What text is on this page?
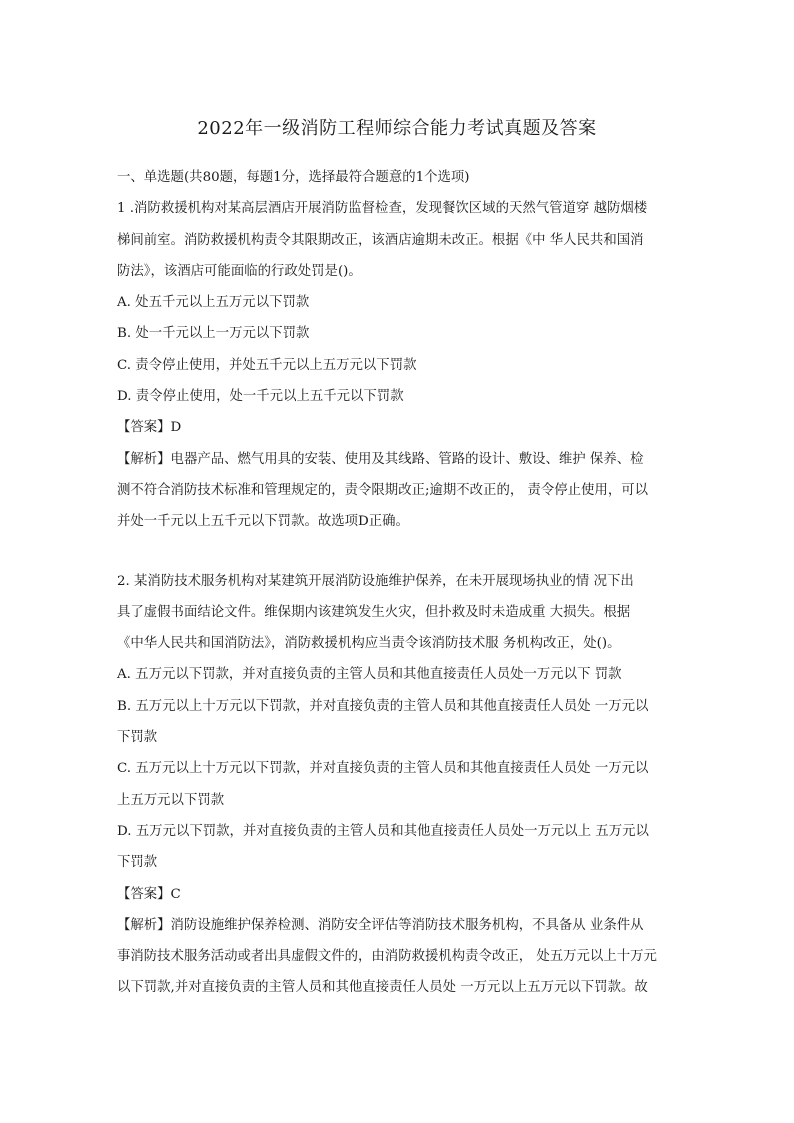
2022年一级消防工程师综合能力考试真题及答案
一、单选题(共80题，每题1分，选择最符合题意的1个选项)
1 .消防救援机构对某高层酒店开展消防监督检查，发现餐饮区域的天然气管道穿 越防烟楼
梯间前室。消防救援机构责令其限期改正，该酒店逾期未改正。根据《中 华人民共和国消
防法》，该酒店可能面临的行政处罚是()。
A. 处五千元以上五万元以下罚款
B. 处一千元以上一万元以下罚款
C. 责令停止使用，并处五千元以上五万元以下罚款
D. 责令停止使用，处一千元以上五千元以下罚款
【答案】D
【解析】电器产品、燃气用具的安装、使用及其线路、管路的设计、敷设、维护 保养、检
测不符合消防技术标准和管理规定的，责令限期改正;逾期不改正的， 责令停止使用，可以
并处一千元以上五千元以下罚款。故选项D正确。
2. 某消防技术服务机构对某建筑开展消防设施维护保养，在未开展现场执业的情 况下出
具了虚假书面结论文件。维保期内该建筑发生火灾，但扑救及时未造成重 大损失。根据
《中华人民共和国消防法》，消防救援机构应当责令该消防技术服 务机构改正，处()。
A. 五万元以下罚款，并对直接负责的主管人员和其他直接责任人员处一万元以下 罚款
B. 五万元以上十万元以下罚款，并对直接负责的主管人员和其他直接责任人员处 一万元以
下罚款
C. 五万元以上十万元以下罚款，并对直接负责的主管人员和其他直接责任人员处 一万元以
上五万元以下罚款
D. 五万元以下罚款，并对直接负责的主管人员和其他直接责任人员处一万元以上 五万元以
下罚款
【答案】C
【解析】消防设施维护保养检测、消防安全评估等消防技术服务机构，不具备从 业条件从
事消防技术服务活动或者出具虚假文件的，由消防救援机构责令改正， 处五万元以上十万元
以下罚款,并对直接负责的主管人员和其他直接责任人员处 一万元以上五万元以下罚款。故
